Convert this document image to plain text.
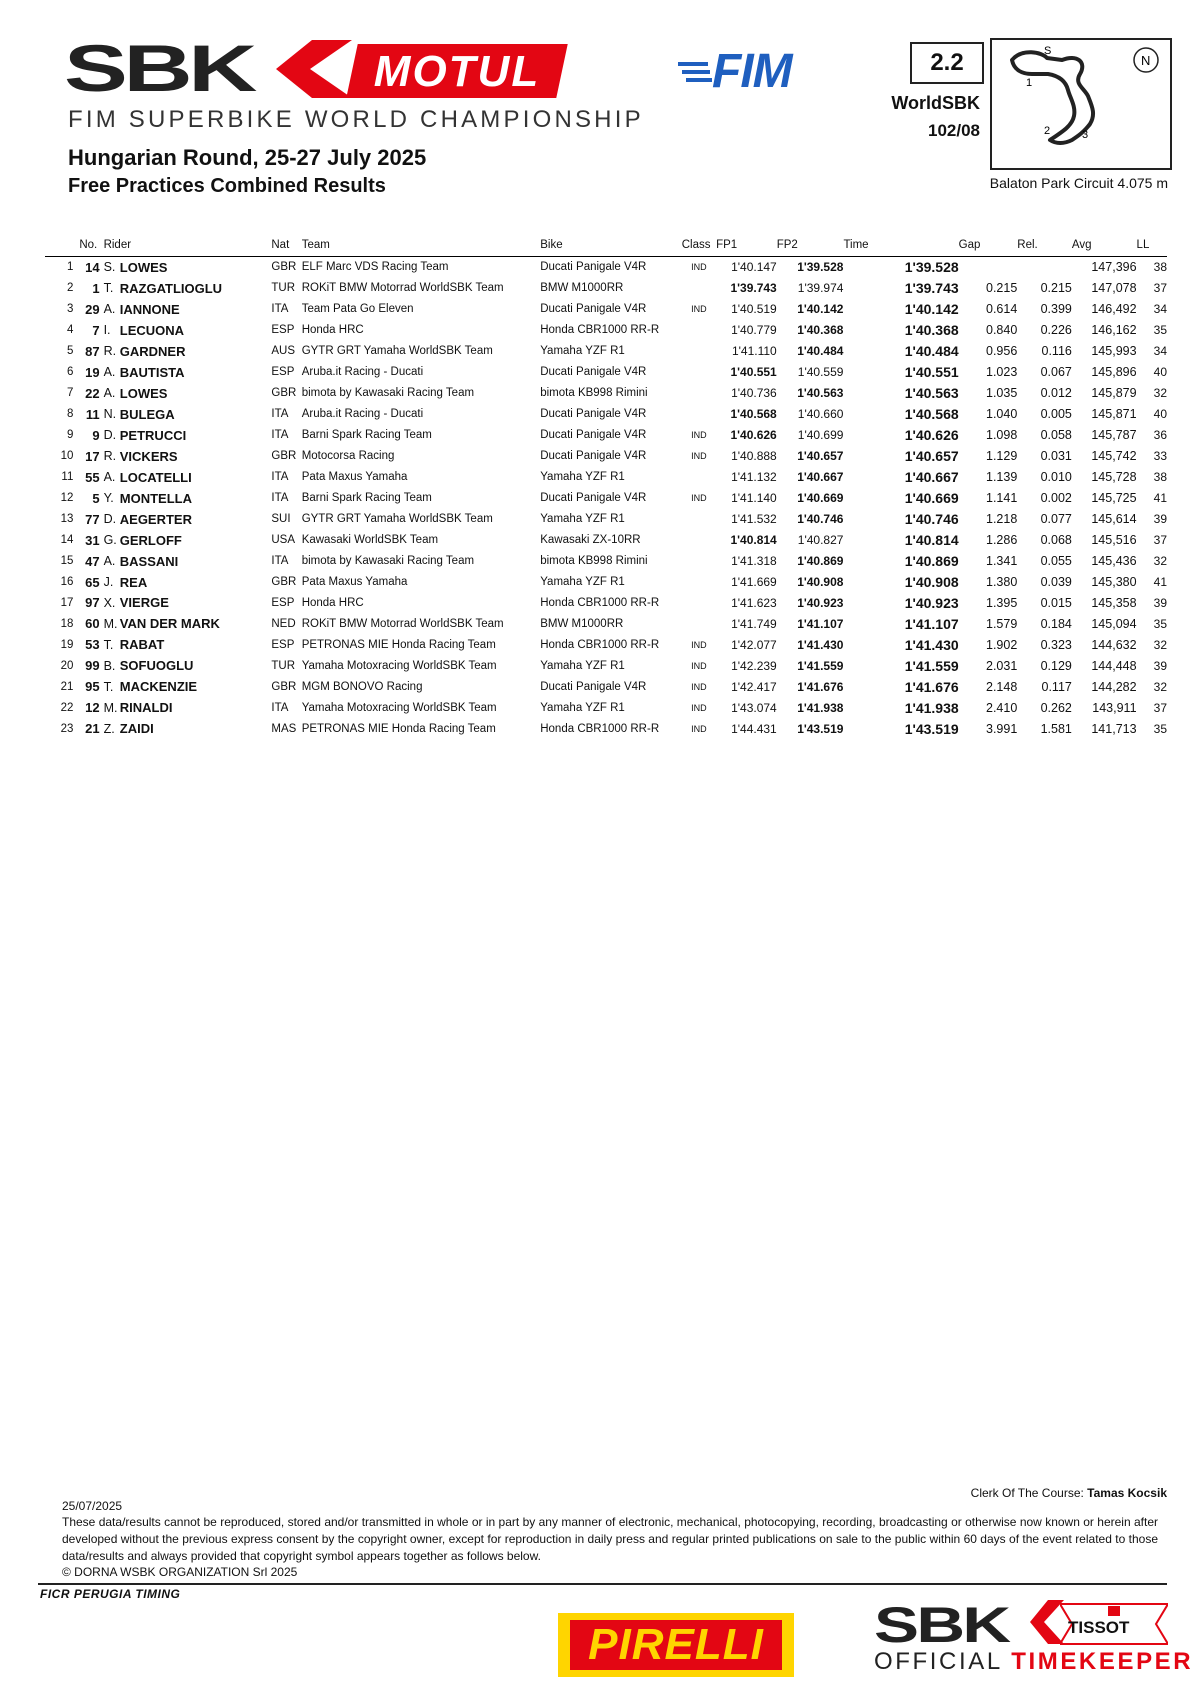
SBK	MOTUL
FIM SUPERBIKE WORLD CHAMPIONSHIP
Hungarian Round, 25-27 July 2025
Free Practices Combined Results
FIM	2.2
WorldSBK
102/08
S
1
2	3
N
Balaton Park Circuit 4.075 m
	No.	Rider		Nat	Team	Bike	Class	FP1	FP2	Time	Gap	Rel.	Avg	LL
1	14	S.	LOWES	GBR	ELF Marc VDS Racing Team	Ducati Panigale V4R	IND	1'40.147	1'39.528	1'39.528			147,396	38
2	1	T.	RAZGATLIOGLU	TUR	ROKiT BMW Motorrad WorldSBK Team	BMW M1000RR		1'39.743	1'39.974	1'39.743	0.215	0.215	147,078	37
3	29	A.	IANNONE	ITA	Team Pata Go Eleven	Ducati Panigale V4R	IND	1'40.519	1'40.142	1'40.142	0.614	0.399	146,492	34
4	7	I.	LECUONA	ESP	Honda HRC	Honda CBR1000 RR-R		1'40.779	1'40.368	1'40.368	0.840	0.226	146,162	35
5	87	R.	GARDNER	AUS	GYTR GRT Yamaha WorldSBK Team	Yamaha YZF R1		1'41.110	1'40.484	1'40.484	0.956	0.116	145,993	34
6	19	A.	BAUTISTA	ESP	Aruba.it Racing - Ducati	Ducati Panigale V4R		1'40.551	1'40.559	1'40.551	1.023	0.067	145,896	40
7	22	A.	LOWES	GBR	bimota by Kawasaki Racing Team	bimota KB998 Rimini		1'40.736	1'40.563	1'40.563	1.035	0.012	145,879	32
8	11	N.	BULEGA	ITA	Aruba.it Racing - Ducati	Ducati Panigale V4R		1'40.568	1'40.660	1'40.568	1.040	0.005	145,871	40
9	9	D.	PETRUCCI	ITA	Barni Spark Racing Team	Ducati Panigale V4R	IND	1'40.626	1'40.699	1'40.626	1.098	0.058	145,787	36
10	17	R.	VICKERS	GBR	Motocorsa Racing	Ducati Panigale V4R	IND	1'40.888	1'40.657	1'40.657	1.129	0.031	145,742	33
11	55	A.	LOCATELLI	ITA	Pata Maxus Yamaha	Yamaha YZF R1		1'41.132	1'40.667	1'40.667	1.139	0.010	145,728	38
12	5	Y.	MONTELLA	ITA	Barni Spark Racing Team	Ducati Panigale V4R	IND	1'41.140	1'40.669	1'40.669	1.141	0.002	145,725	41
13	77	D.	AEGERTER	SUI	GYTR GRT Yamaha WorldSBK Team	Yamaha YZF R1		1'41.532	1'40.746	1'40.746	1.218	0.077	145,614	39
14	31	G.	GERLOFF	USA	Kawasaki WorldSBK Team	Kawasaki ZX-10RR		1'40.814	1'40.827	1'40.814	1.286	0.068	145,516	37
15	47	A.	BASSANI	ITA	bimota by Kawasaki Racing Team	bimota KB998 Rimini		1'41.318	1'40.869	1'40.869	1.341	0.055	145,436	32
16	65	J.	REA	GBR	Pata Maxus Yamaha	Yamaha YZF R1		1'41.669	1'40.908	1'40.908	1.380	0.039	145,380	41
17	97	X.	VIERGE	ESP	Honda HRC	Honda CBR1000 RR-R		1'41.623	1'40.923	1'40.923	1.395	0.015	145,358	39
18	60	M.	VAN DER MARK	NED	ROKiT BMW Motorrad WorldSBK Team	BMW M1000RR		1'41.749	1'41.107	1'41.107	1.579	0.184	145,094	35
19	53	T.	RABAT	ESP	PETRONAS MIE Honda Racing Team	Honda CBR1000 RR-R	IND	1'42.077	1'41.430	1'41.430	1.902	0.323	144,632	32
20	99	B.	SOFUOGLU	TUR	Yamaha Motoxracing WorldSBK Team	Yamaha YZF R1	IND	1'42.239	1'41.559	1'41.559	2.031	0.129	144,448	39
21	95	T.	MACKENZIE	GBR	MGM BONOVO Racing	Ducati Panigale V4R	IND	1'42.417	1'41.676	1'41.676	2.148	0.117	144,282	32
22	12	M.	RINALDI	ITA	Yamaha Motoxracing WorldSBK Team	Yamaha YZF R1	IND	1'43.074	1'41.938	1'41.938	2.410	0.262	143,911	37
23	21	Z.	ZAIDI	MAS	PETRONAS MIE Honda Racing Team	Honda CBR1000 RR-R	IND	1'44.431	1'43.519	1'43.519	3.991	1.581	141,713	35
Clerk Of The Course: Tamas Kocsik
25/07/2025
These data/results cannot be reproduced, stored and/or transmitted in whole or in part by any manner of electronic, mechanical, photocopying, recording, broadcasting or otherwise now known or herein after developed without the previous express consent by the copyright owner, except for reproduction in daily press and regular printed publications on sale to the public within 60 days of the event related to those data/results and always provided that copyright symbol appears together as follows below.
© DORNA WSBK ORGANIZATION Srl 2025
FICR PERUGIA TIMING
PIRELLI	SBK	TISSOT
OFFICIAL TIMEKEEPER
